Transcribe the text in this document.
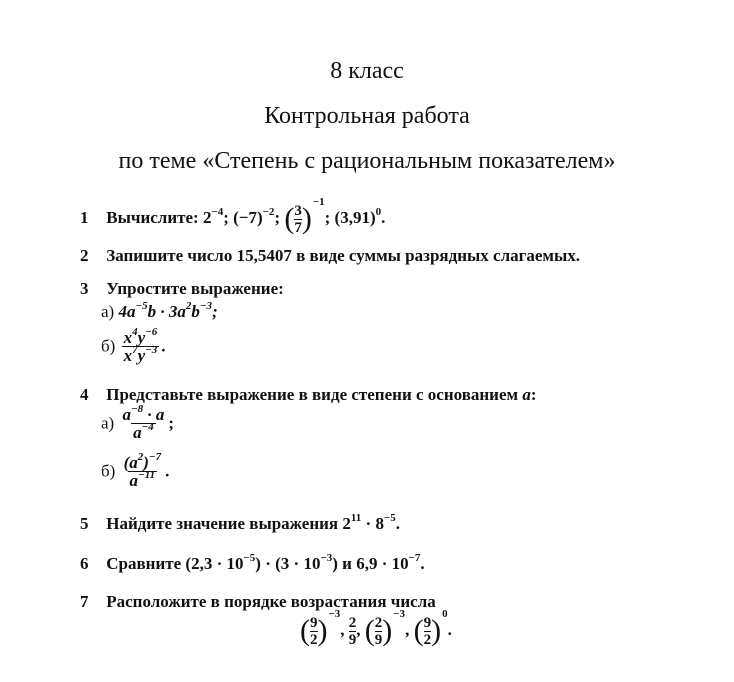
8 класс
Контрольная работа
по теме «Степень с рациональным показателем»
1 Вычислите: $2^{-4}$; $(-7)^{-2}$; ( $\frac{3}{7} )^{-1}$; $(3,91)^0$.
2 Запишите число 15,5407 в виде суммы разрядных слагаемых.
3 Упростите выражение:
а) $4a^{-5}b \cdot 3a^2b^{-3}$;
$б) \frac{x^4y^{-6}}{x^7y^{-3}}$ .
4 Представьте выражение в виде степени с основанием a:
$а) \frac{a^{-8} \cdot a}{a^{-4}}$ ;
$б) \frac{(a^2)^{-7}}{a^{-11}}$ .
5 Найдите значение выражения $2^{11} \cdot 8^{-5}$.
6 Сравните $(2,3 \cdot 10^{-5}) \cdot (3 \cdot 10^{-3})$ и $6,9 \cdot 10^{-7}$.
7 Расположите в порядке возрастания числа
( $\frac{9}{2} )^{-3}$, $\frac{2}{9}$ , ( $\frac{2}{9} )^{-3}$, ( $\frac{9}{2} )^0$.
